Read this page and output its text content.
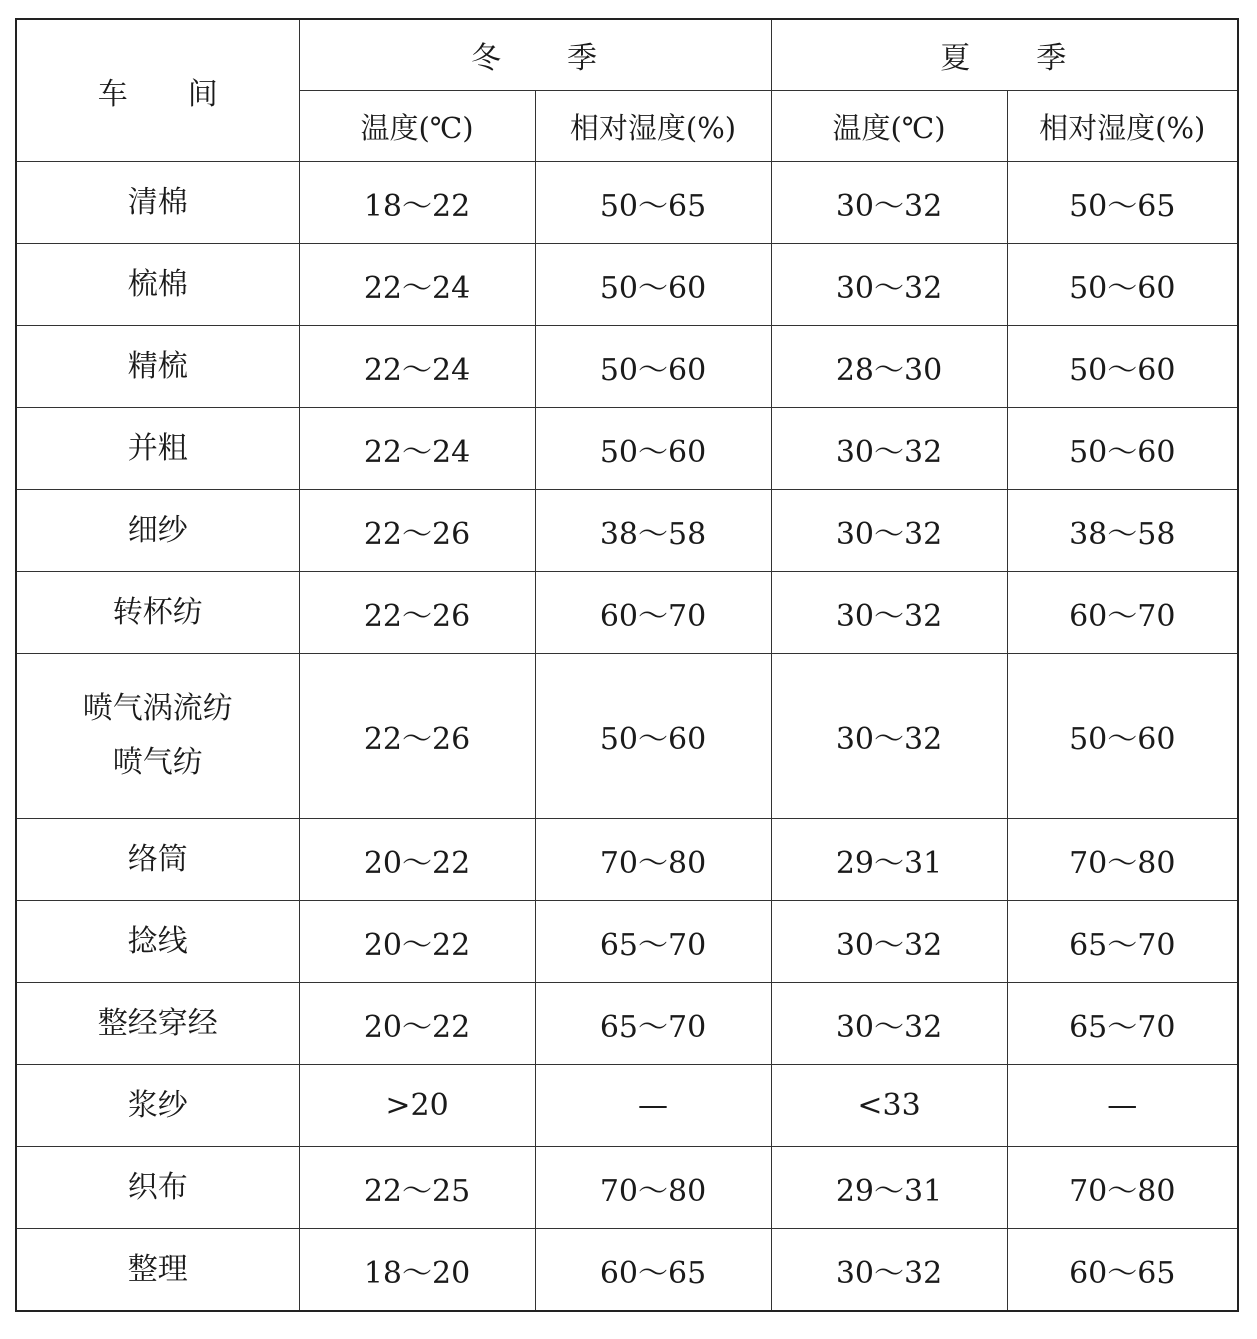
车　　间	冬　　季		夏　　季	
	温度(℃)	相对湿度(%)	温度(℃)	相对湿度(%)

清棉	18～22	50～65	30～32	50～65

梳棉	22～24	50～60	30～32	50～60

精梳	22～24	50～60	28～30	50～60

并粗	22～24	50～60	30～32	50～60

细纱	22～26	38～58	30～32	38～58

转杯纺	22～26	60～70	30～32	60～70

喷气涡流纺
喷气纺	22～26	50～60	30～32	50～60

络筒	20～22	70～80	29～31	70～80

捻线	20～22	65～70	30～32	65～70

整经穿经	20～22	65～70	30～32	65～70

浆纱	>20	—	<33	—

织布	22～25	70～80	29～31	70～80

整理	18～20	60～65	30～32	60～65
